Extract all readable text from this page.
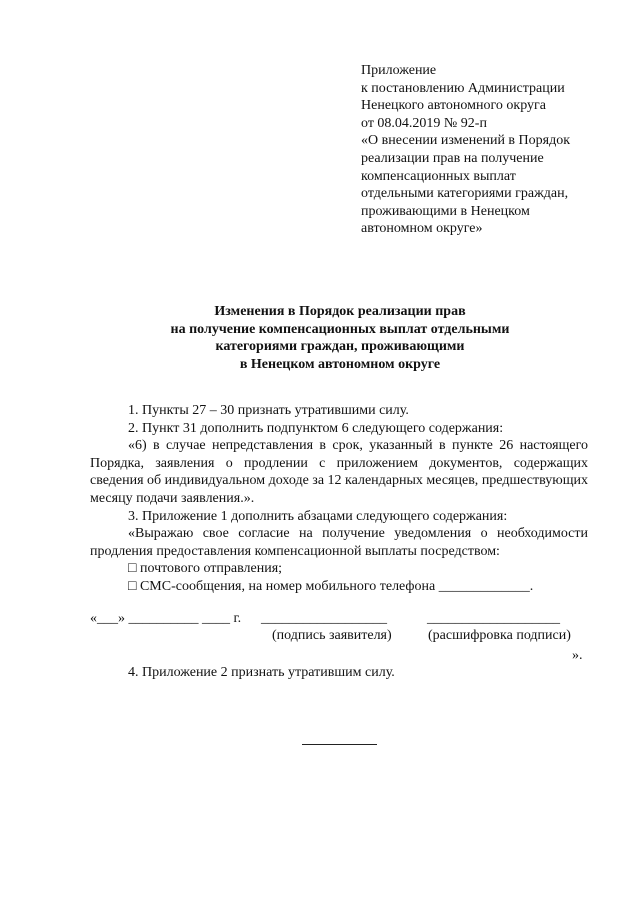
Приложение
к постановлению Администрации
Ненецкого автономного округа
от 08.04.2019 № 92-п
«О внесении изменений в Порядок
реализации прав на получение
компенсационных выплат
отдельными категориями граждан,
проживающими в Ненецком
автономном округе»
Изменения в Порядок реализации прав
на получение компенсационных выплат отдельными
категориями граждан, проживающими
в Ненецком автономном округе
1. Пункты 27 – 30 признать утратившими силу.
2. Пункт 31 дополнить подпунктом 6 следующего содержания:
«6) в случае непредставления в срок, указанный в пункте 26 настоящего Порядка, заявления о продлении с приложением документов, содержащих сведения об индивидуальном доходе за 12 календарных месяцев, предшествующих месяцу подачи заявления.».
3. Приложение 1 дополнить абзацами следующего содержания:
«Выражаю свое согласие на получение уведомления о необходимости продления предоставления компенсационной выплаты посредством:
□ почтового отправления;
□ СМС-сообщения, на номер мобильного телефона _____________.
«___» __________ ____ г. __________________	___________________
(подпись заявителя)	(расшифровка подписи)
».
4. Приложение 2 признать утратившим силу.
